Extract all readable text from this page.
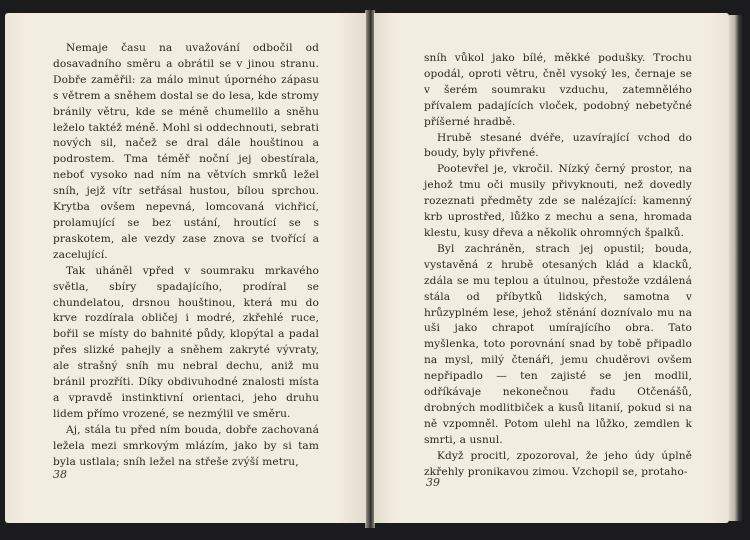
Nemaje času na uvažování odbočil od dosavadního směru a obrátil se v jinou stranu. Dobře zaměřil: za málo minut úporného zápasu s větrem a sněhem dostal se do lesa, kde stromy bránily větru, kde se méně chumelilo a sněhu leželo taktéž méně. Mohl si oddechnouti, sebrati nových sil, načež se dral dále houštinou a podrostem. Tma téměř noční jej obestírala, neboť vysoko nad ním na větvích smrků ležel sníh, jejž vítr setřásal hustou, bílou sprchou. Krytba ovšem nepevná, lomcovaná vichřicí, prolamující se bez ustání, hroutící se s praskotem, ale vezdy zase znova se tvořící a zacelující.

Tak uháněl vpřed v soumraku mrkavého světla, sbíry spadajícího, prodíral se chundelatou, drsnou houštinou, která mu do krve rozdírala obličej i modré, zkřehlé ruce, bořil se místy do bahnité půdy, klopýtal a padal přes slizké pahejly a sněhem zakryté vývraty, ale strašný sníh mu nebral dechu, aniž mu bránil prozříti. Díky obdivuhodné znalosti místa a vpravdě instinktivní orientaci, jeho druhu lidem přímo vrozené, se nezmýlil ve směru.

Aj, stála tu před ním bouda, dobře zachovaná ležela mezi smrkovým mlázím, jako by si tam byla ustlala; sníh ležel na střeše zvýší metru,

38

sníh vůkol jako bílé, měkké podušky. Trochu opodál, oproti větru, čněl vysoký les, černaje se v šerém soumraku vzduchu, zatemnělého přívalem padajících vloček, podobný nebetyčné příšerné hradbě.

Hrubě stesané dvéře, uzavírající vchod do boudy, byly přivřené.

Pootevřel je, vkročil. Nízký černý prostor, na jehož tmu oči musily přivyknouti, než dovedly rozeznati předměty zde se nalézající: kamenný krb uprostřed, lůžko z mechu a sena, hromada klestu, kusy dřeva a několik ohromných špalků.

Byl zachráněn, strach jej opustil; bouda, vystavěná z hrubě otesaných klád a klacků, zdála se mu teplou a útulnou, přestože vzdálená stála od příbytků lidských, samotna v hrůzyplném lese, jehož stěnání doznívalo mu na uši jako chrapot umírajícího obra. Tato myšlenka, toto porovnání snad by tobě připadlo na mysl, milý čtenáři, jemu chuděrovi ovšem nepřipadlo — ten zajisté se jen modlil, odříkávaje nekonečnou řadu Otčenášů, drobných modlitbiček a kusů litanií, pokud si na ně vzpomněl. Potom ulehl na lůžko, zemdlen k smrti, a usnul.

Když procitl, zpozoroval, že jeho údy úplně zkřehly pronikavou zimou. Vzchopil se, protaho-

39
